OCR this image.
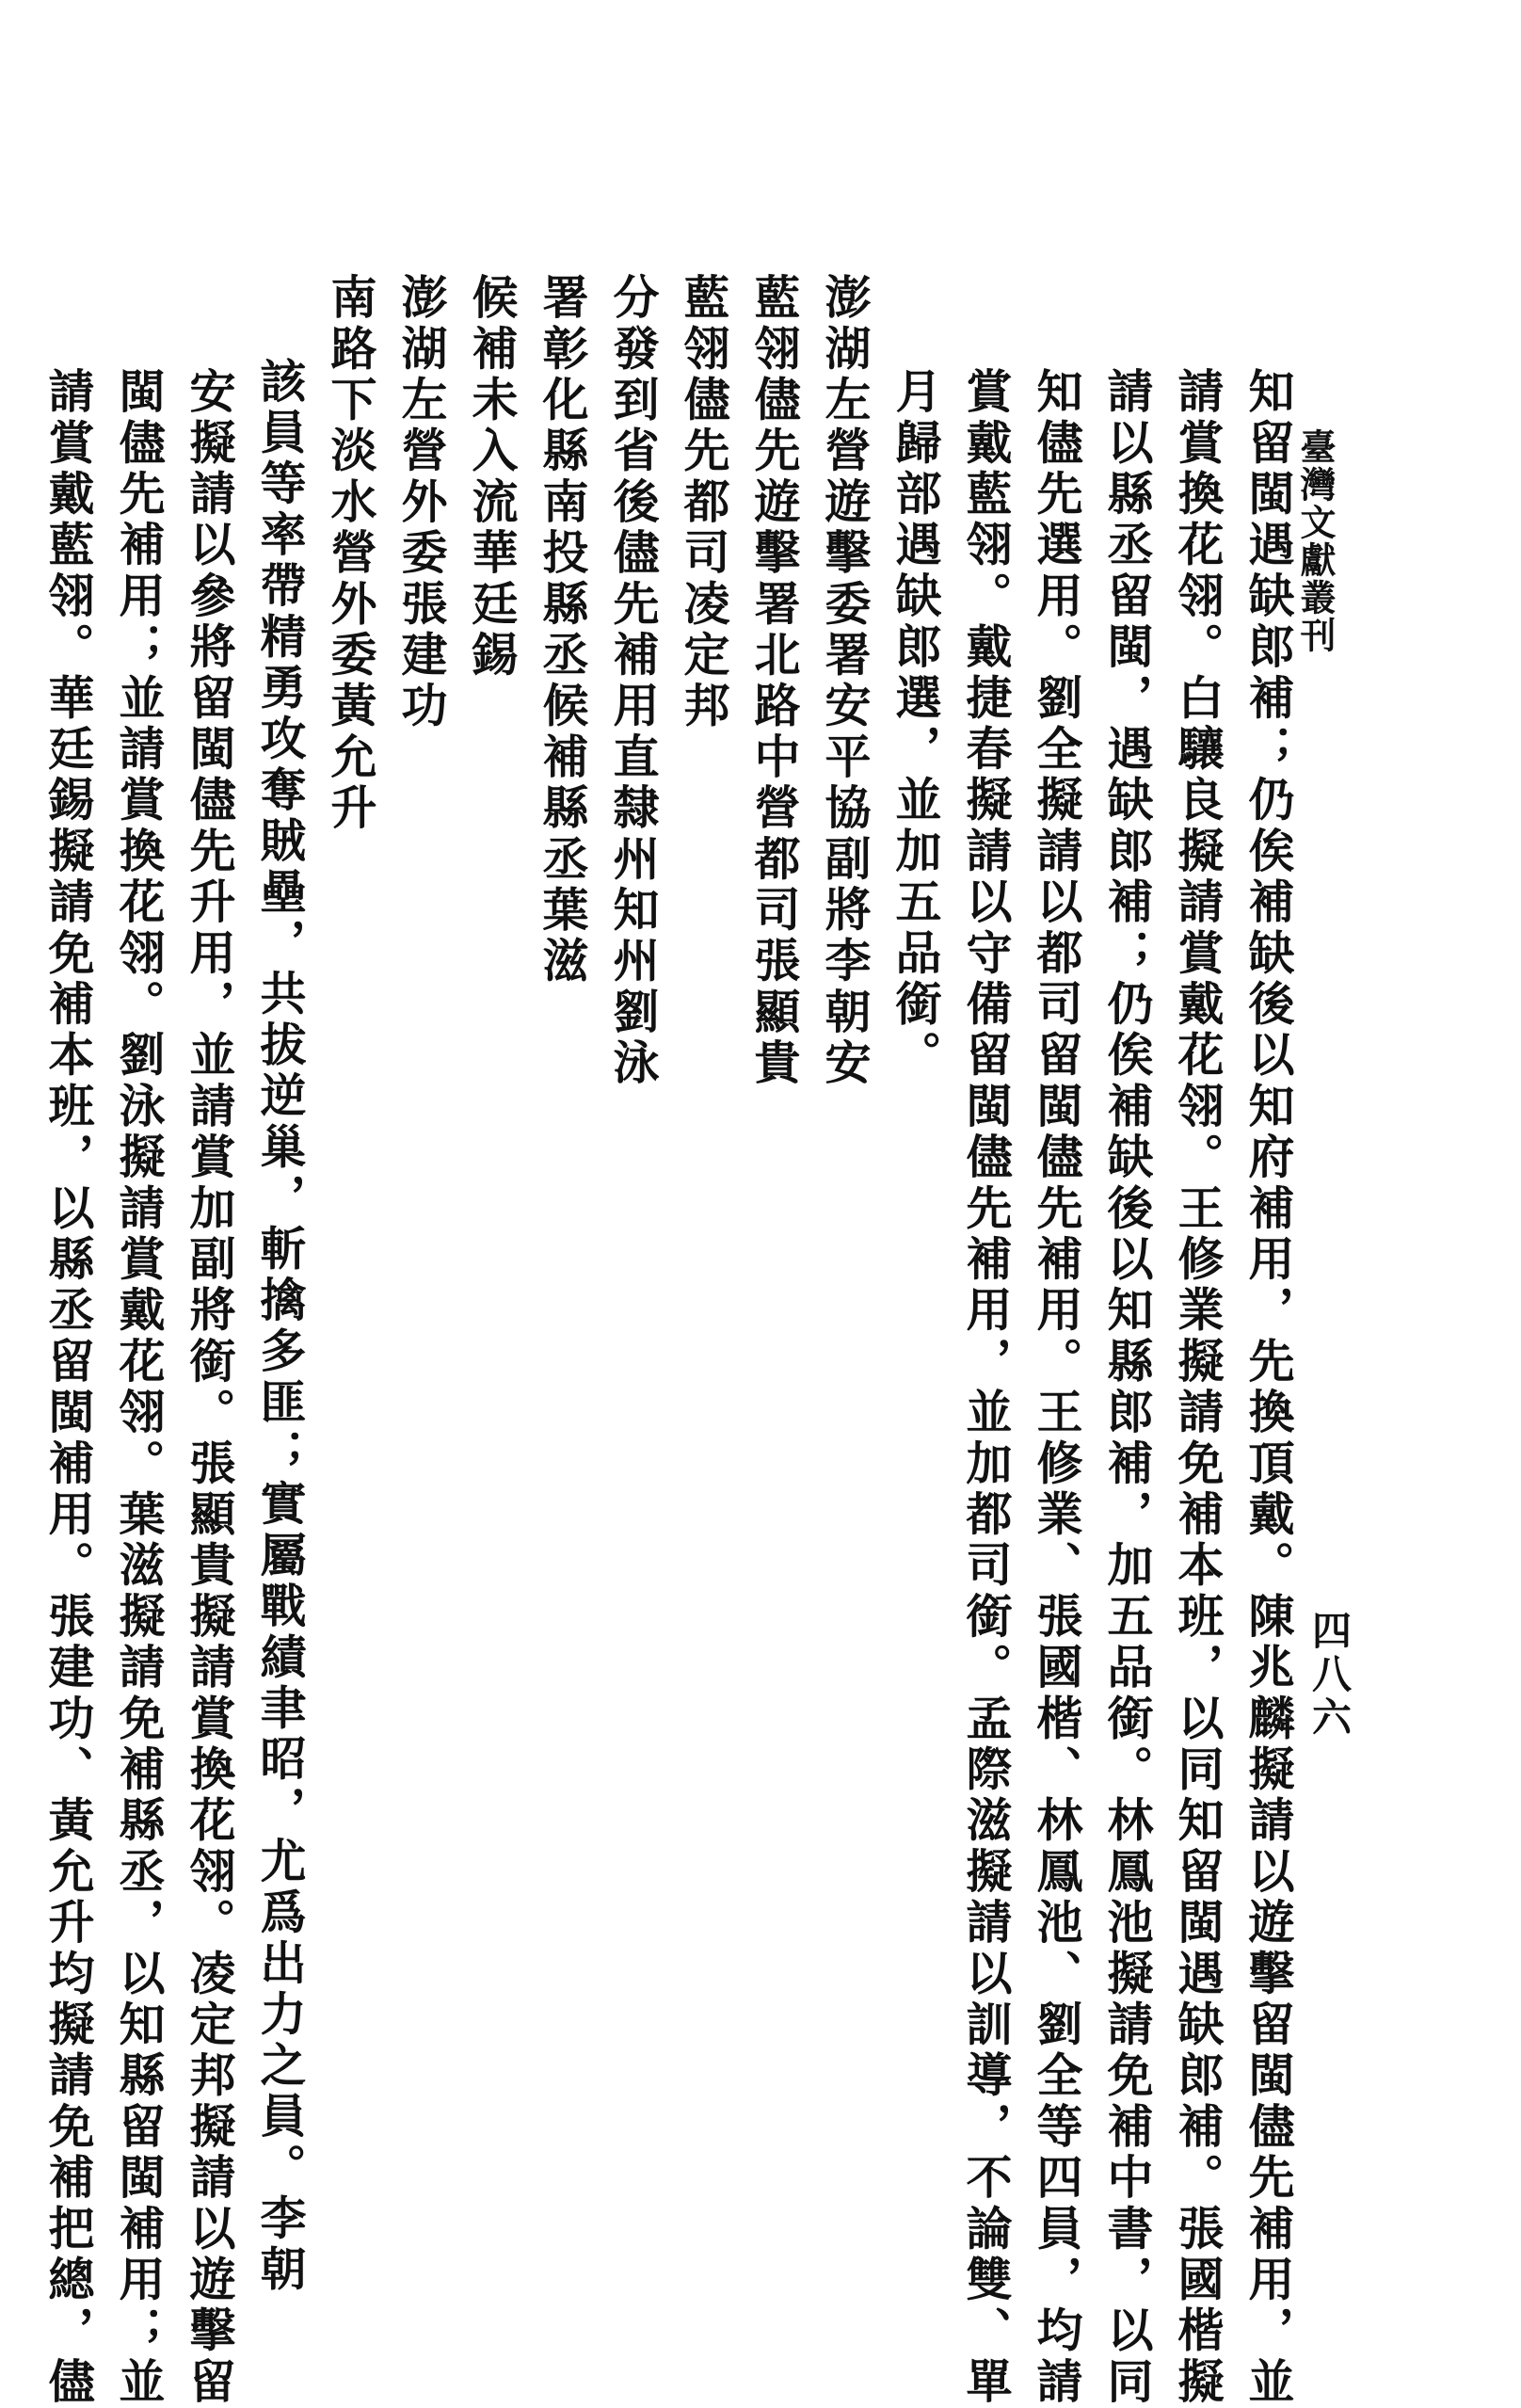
臺灣文獻叢刊
四八六
知留閩遇缺郎補；仍俟補缺後以知府補用，先換頂戴。陳兆麟擬請以遊擊留閩儘先補用，並
請賞換花翎。白驤良擬請賞戴花翎。王修業擬請免補本班，以同知留閩遇缺郎補。張國楷擬
請以縣丞留閩，遇缺郎補；仍俟補缺後以知縣郎補，加五品銜。林鳳池擬請免補中書，以同
知儘先選用。劉全擬請以都司留閩儘先補用。王修業、張國楷、林鳳池、劉全等四員，均請
賞戴藍翎。戴捷春擬請以守備留閩儘先補用，並加都司銜。孟際滋擬請以訓導，不論雙、單
月歸部遇缺郎選，並加五品銜。
澎湖左營遊擊委署安平協副將李朝安
藍翎儘先遊擊署北路中營都司張顯貴
藍翎儘先都司凌定邦
分發到省後儘先補用直隸州知州劉泳
署彰化縣南投縣丞候補縣丞葉滋
候補未入流華廷錫
澎湖左營外委張建功
南路下淡水營外委黃允升
　該員等率帶精勇攻奪賊壘，共拔逆巢，斬擒多匪；實屬戰績聿昭，尤爲出力之員。李朝
安擬請以參將留閩儘先升用，並請賞加副將銜。張顯貴擬請賞換花翎。凌定邦擬請以遊擊留
閩儘先補用；並請賞換花翎。劉泳擬請賞戴花翎。葉滋擬請免補縣丞，以知縣留閩補用；並
請賞戴藍翎。華廷錫擬請免補本班，以縣丞留閩補用。張建功、黃允升均擬請免補把總，儘
